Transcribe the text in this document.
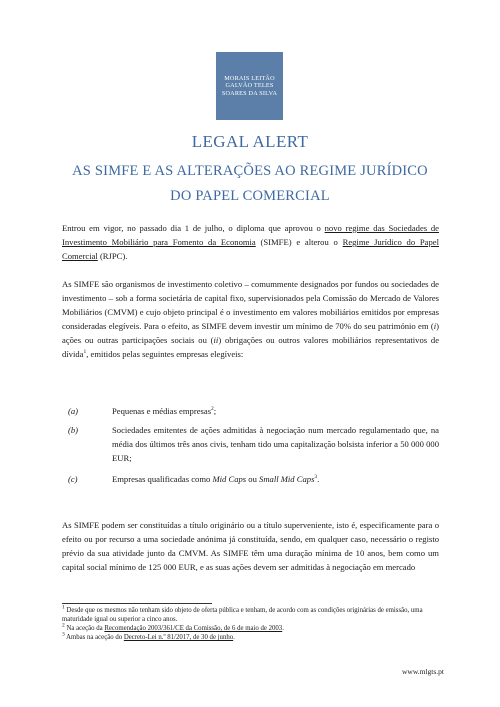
MORAIS LEITÃO
GALVÃO TELES
SOARES DA SILVA
LEGAL ALERT
AS SIMFE E AS ALTERAÇÕES AO REGIME JURÍDICO
DO PAPEL COMERCIAL

Entrou em vigor, no passado dia 1 de julho, o diploma que aprovou o novo regime das Sociedades de Investimento Mobiliário para Fomento da Economia (SIMFE) e alterou o Regime Jurídico do Papel Comercial (RJPC).

As SIMFE são organismos de investimento coletivo – comummente designados por fundos ou sociedades de investimento – sob a forma societária de capital fixo, supervisionados pela Comissão do Mercado de Valores Mobiliários (CMVM) e cujo objeto principal é o investimento em valores mobiliários emitidos por empresas consideradas elegíveis. Para o efeito, as SIMFE devem investir um mínimo de 70% do seu património em (i) ações ou outras participações sociais ou (ii) obrigações ou outros valores mobiliários representativos de dívida$^1$, emitidos pelas seguintes empresas elegíveis:

(a)	Pequenas e médias empresas$^2$;
(b)	Sociedades emitentes de ações admitidas à negociação num mercado regulamentado que, na média dos últimos três anos civis, tenham tido uma capitalização bolsista inferior a 50 000 000 EUR;
(c)	Empresas qualificadas como Mid Caps ou Small Mid Caps$^3$.

As SIMFE podem ser constituídas a título originário ou a título superveniente, isto é, especificamente para o efeito ou por recurso a uma sociedade anónima já constituída, sendo, em qualquer caso, necessário o registo prévio da sua atividade junto da CMVM. As SIMFE têm uma duração mínima de 10 anos, bem como um capital social mínimo de 125 000 EUR, e as suas ações devem ser admitidas à negociação em mercado

$^1$ Desde que os mesmos não tenham sido objeto de oferta pública e tenham, de acordo com as condições originárias de emissão, uma maturidade igual ou superior a cinco anos.
$^2$ Na aceção da Recomendação 2003/361/CE da Comissão, de 6 de maio de 2003.
$^3$ Ambas na aceção do Decreto-Lei n.º 81/2017, de 30 de junho.
www.mlgts.pt
